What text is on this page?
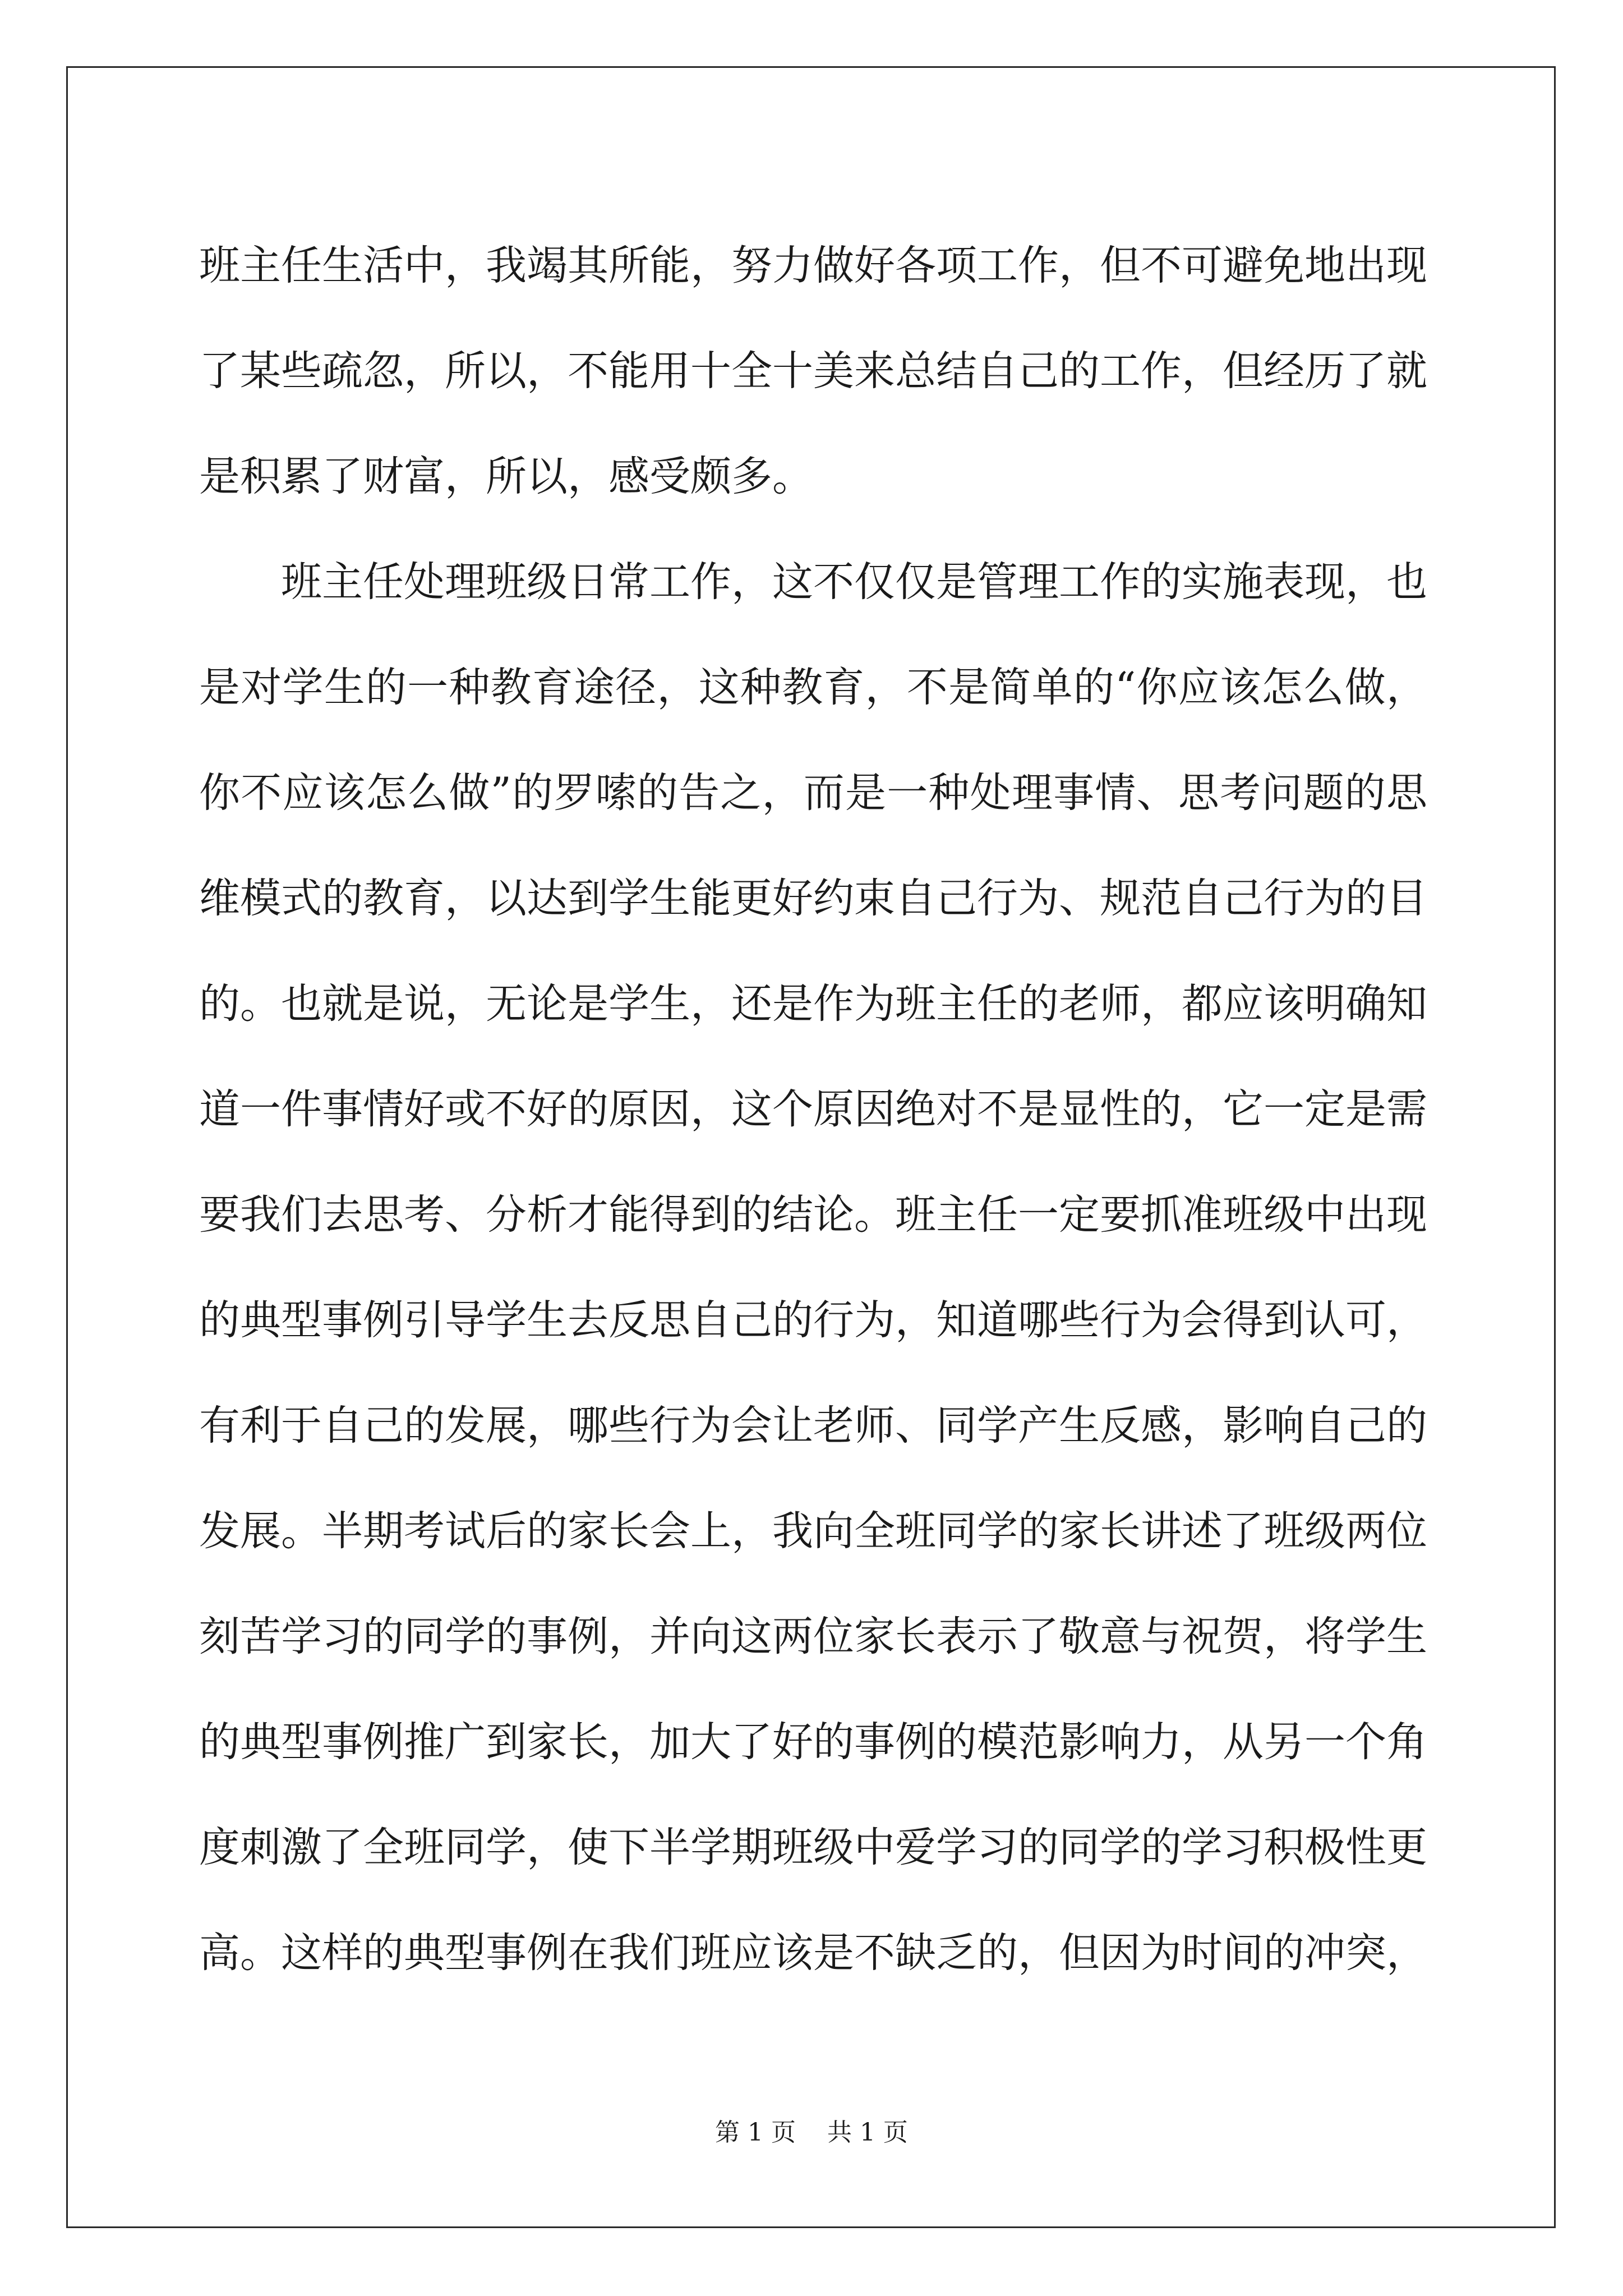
班主任生活中，我竭其所能，努力做好各项工作，但不可避免地出现
了某些疏忽，所以，不能用十全十美来总结自己的工作，但经历了就
是积累了财富，所以，感受颇多。
班主任处理班级日常工作，这不仅仅是管理工作的实施表现，也
是对学生的一种教育途径，这种教育，不是简单的“你应该怎么做，
你不应该怎么做”的罗嗦的告之，而是一种处理事情、思考问题的思
维模式的教育，以达到学生能更好约束自己行为、规范自己行为的目
的。也就是说，无论是学生，还是作为班主任的老师，都应该明确知
道一件事情好或不好的原因，这个原因绝对不是显性的，它一定是需
要我们去思考、分析才能得到的结论。班主任一定要抓准班级中出现
的典型事例引导学生去反思自己的行为，知道哪些行为会得到认可，
有利于自己的发展，哪些行为会让老师、同学产生反感，影响自己的
发展。半期考试后的家长会上，我向全班同学的家长讲述了班级两位
刻苦学习的同学的事例，并向这两位家长表示了敬意与祝贺，将学生
的典型事例推广到家长，加大了好的事例的模范影响力，从另一个角
度刺激了全班同学，使下半学期班级中爱学习的同学的学习积极性更
高。这样的典型事例在我们班应该是不缺乏的，但因为时间的冲突，
第 1 页    共 1 页
